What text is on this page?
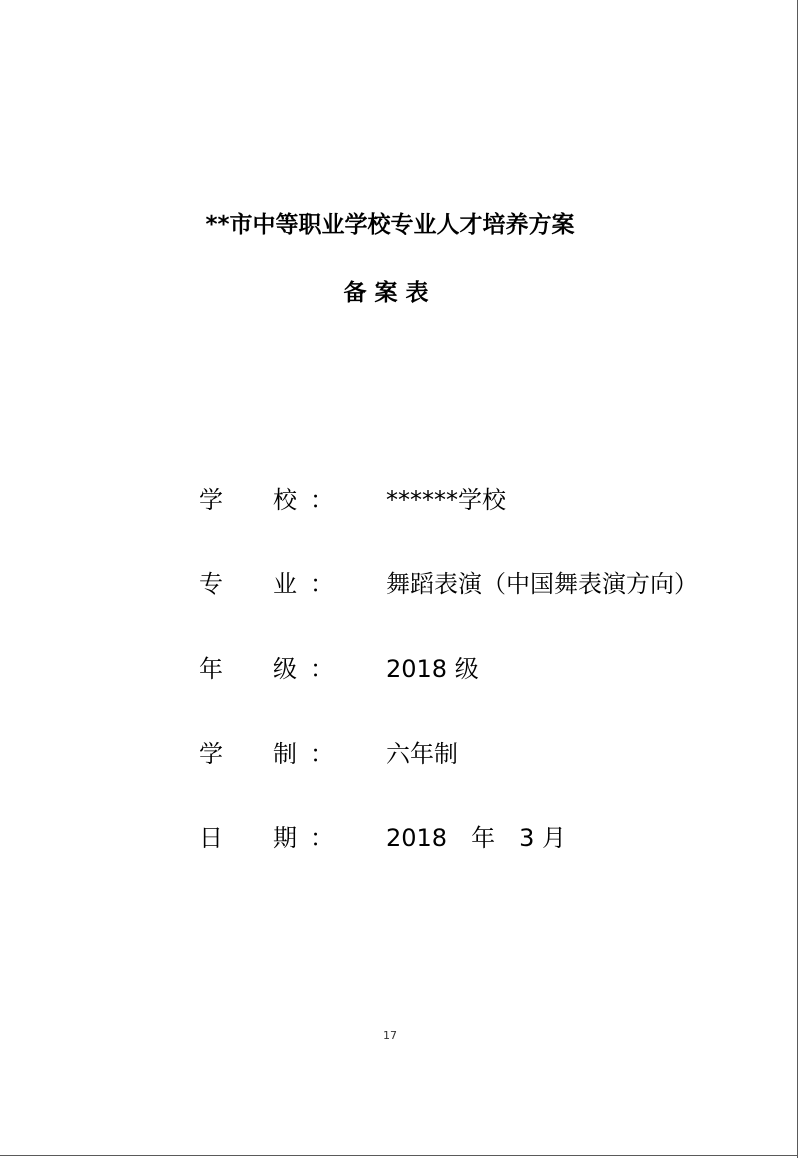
**市中等职业学校专业人才培养方案
备案表
学 校 ： ******学校
专 业 ： 舞蹈表演（中国舞表演方向）
年 级 ： 2018 级
学 制 ： 六年制
日 期 ： 2018　年　3 月
17
